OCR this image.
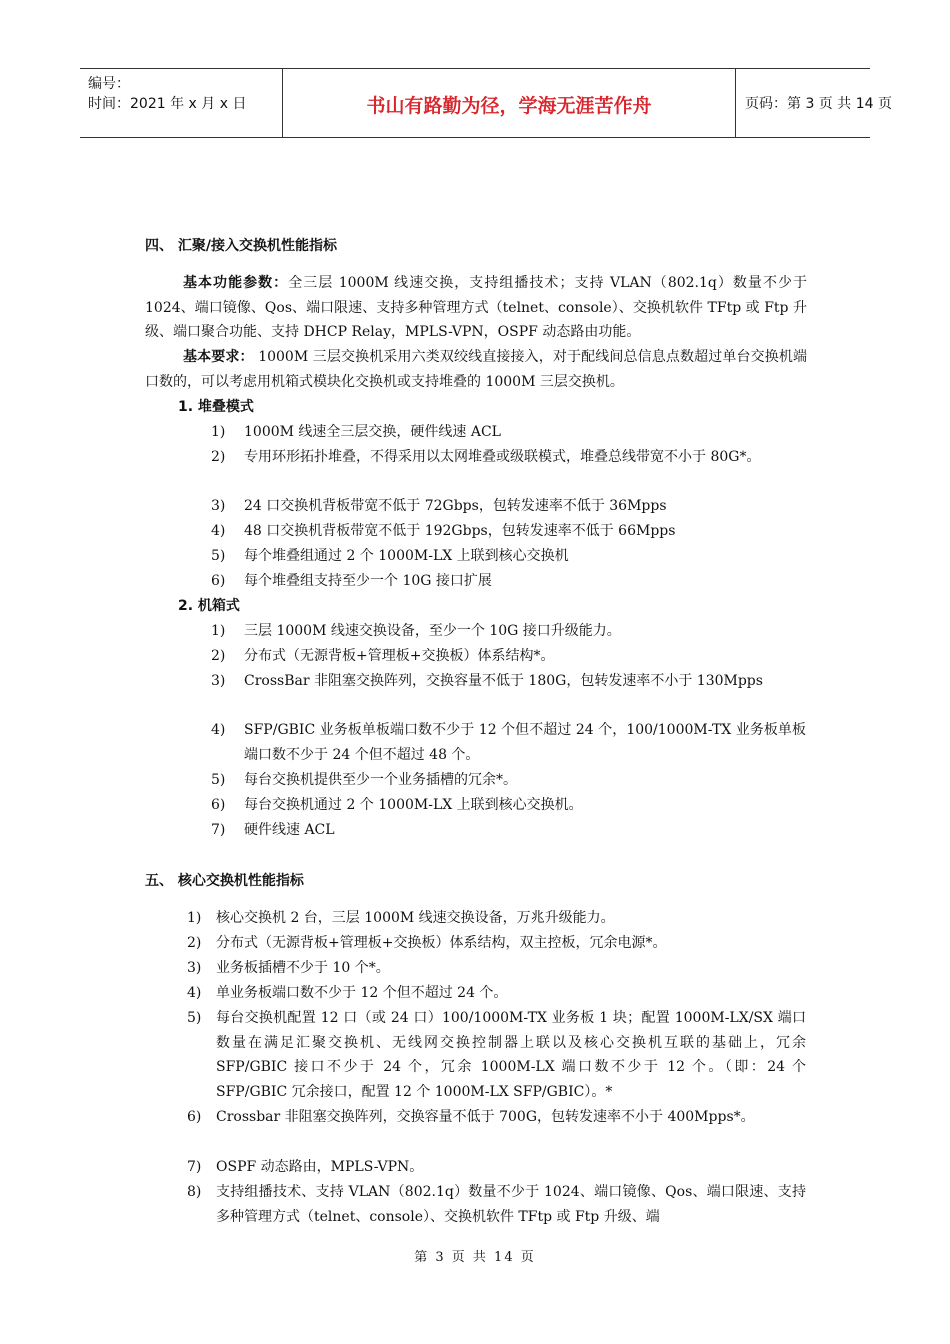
编号：
时间：2021 年 x 月 x 日	书山有路勤为径，学海无涯苦作舟	页码：第 3 页 共 14 页
四、 汇聚/接入交换机性能指标
基本功能参数：全三层 1000M 线速交换，支持组播技术；支持 VLAN（802.1q）数量不少于 1024、端口镜像、Qos、端口限速、支持多种管理方式（telnet、console）、交换机软件 TFtp 或 Ftp 升级、端口聚合功能、支持 DHCP Relay，MPLS-VPN，OSPF 动态路由功能。
基本要求： 1000M 三层交换机采用六类双绞线直接接入，对于配线间总信息点数超过单台交换机端口数的，可以考虑用机箱式模块化交换机或支持堆叠的 1000M 三层交换机。
1. 堆叠模式
1) 1000M 线速全三层交换，硬件线速 ACL
2) 专用环形拓扑堆叠，不得采用以太网堆叠或级联模式，堆叠总线带宽不小于 80G*。
3) 24 口交换机背板带宽不低于 72Gbps，包转发速率不低于 36Mpps
4) 48 口交换机背板带宽不低于 192Gbps，包转发速率不低于 66Mpps
5) 每个堆叠组通过 2 个 1000M-LX 上联到核心交换机
6) 每个堆叠组支持至少一个 10G 接口扩展
2. 机箱式
1) 三层 1000M 线速交换设备，至少一个 10G 接口升级能力。
2) 分布式（无源背板+管理板+交换板）体系结构*。
3) CrossBar 非阻塞交换阵列，交换容量不低于 180G，包转发速率不小于 130Mpps
4) SFP/GBIC 业务板单板端口数不少于 12 个但不超过 24 个，100/1000M-TX 业务板单板端口数不少于 24 个但不超过 48 个。
5) 每台交换机提供至少一个业务插槽的冗余*。
6) 每台交换机通过 2 个 1000M-LX 上联到核心交换机。
7) 硬件线速 ACL
五、 核心交换机性能指标
1) 核心交换机 2 台，三层 1000M 线速交换设备，万兆升级能力。
2) 分布式（无源背板+管理板+交换板）体系结构，双主控板，冗余电源*。
3) 业务板插槽不少于 10 个*。
4) 单业务板端口数不少于 12 个但不超过 24 个。
5) 每台交换机配置 12 口（或 24 口）100/1000M-TX 业务板 1 块；配置 1000M-LX/SX 端口数量在满足汇聚交换机、无线网交换控制器上联以及核心交换机互联的基础上，冗余 SFP/GBIC 接口不少于 24 个，冗余 1000M-LX 端口数不少于 12 个。（即：24 个 SFP/GBIC 冗余接口，配置 12 个 1000M-LX SFP/GBIC）。*
6) Crossbar 非阻塞交换阵列，交换容量不低于 700G，包转发速率不小于 400Mpps*。
7) OSPF 动态路由，MPLS-VPN。
8) 支持组播技术、支持 VLAN（802.1q）数量不少于 1024、端口镜像、Qos、端口限速、支持多种管理方式（telnet、console）、交换机软件 TFtp 或 Ftp 升级、端
第 3 页 共 14 页
